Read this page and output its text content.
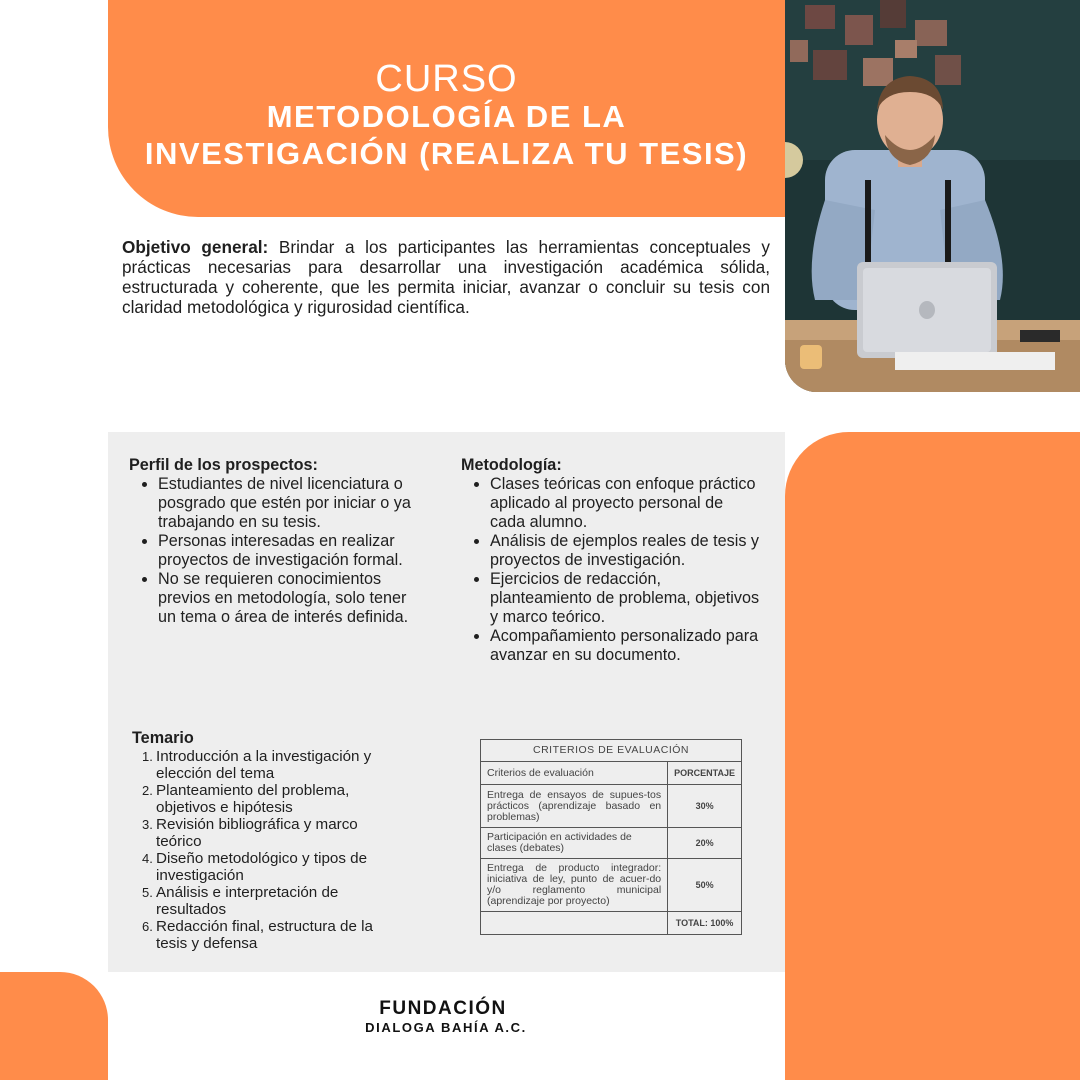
CURSO
METODOLOGÍA DE LA
INVESTIGACIÓN (REALIZA TU TESIS)
Objetivo general: Brindar a los participantes las herramientas conceptuales y prácticas necesarias para desarrollar una investigación académica sólida, estructurada y coherente, que les permita iniciar, avanzar o concluir su tesis con claridad metodológica y rigurosidad científica.
Perfil de los prospectos:
• Estudiantes de nivel licenciatura o posgrado que estén por iniciar o ya trabajando en su tesis.
• Personas interesadas en realizar proyectos de investigación formal.
• No se requieren conocimientos previos en metodología, solo tener un tema o área de interés definida.
Metodología:
• Clases teóricas con enfoque práctico aplicado al proyecto personal de cada alumno.
• Análisis de ejemplos reales de tesis y proyectos de investigación.
• Ejercicios de redacción, planteamiento de problema, objetivos y marco teórico.
• Acompañamiento personalizado para avanzar en su documento.
Temario
1. Introducción a la investigación y elección del tema
2. Planteamiento del problema, objetivos e hipótesis
3. Revisión bibliográfica y marco teórico
4. Diseño metodológico y tipos de investigación
5. Análisis e interpretación de resultados
6. Redacción final, estructura de la tesis y defensa
CRITERIOS DE EVALUACIÓN	
Criterios de evaluación	PORCENTAJE
Entrega de ensayos de supues-tos prácticos (aprendizaje basado en problemas)	30%
Participación en actividades de clases (debates)	20%
Entrega de producto integrador: iniciativa de ley, punto de acuer-do y/o reglamento municipal (aprendizaje por proyecto)	50%
	TOTAL: 100%
FUNDACIÓN
DIALOGA BAHÍA A.C.
